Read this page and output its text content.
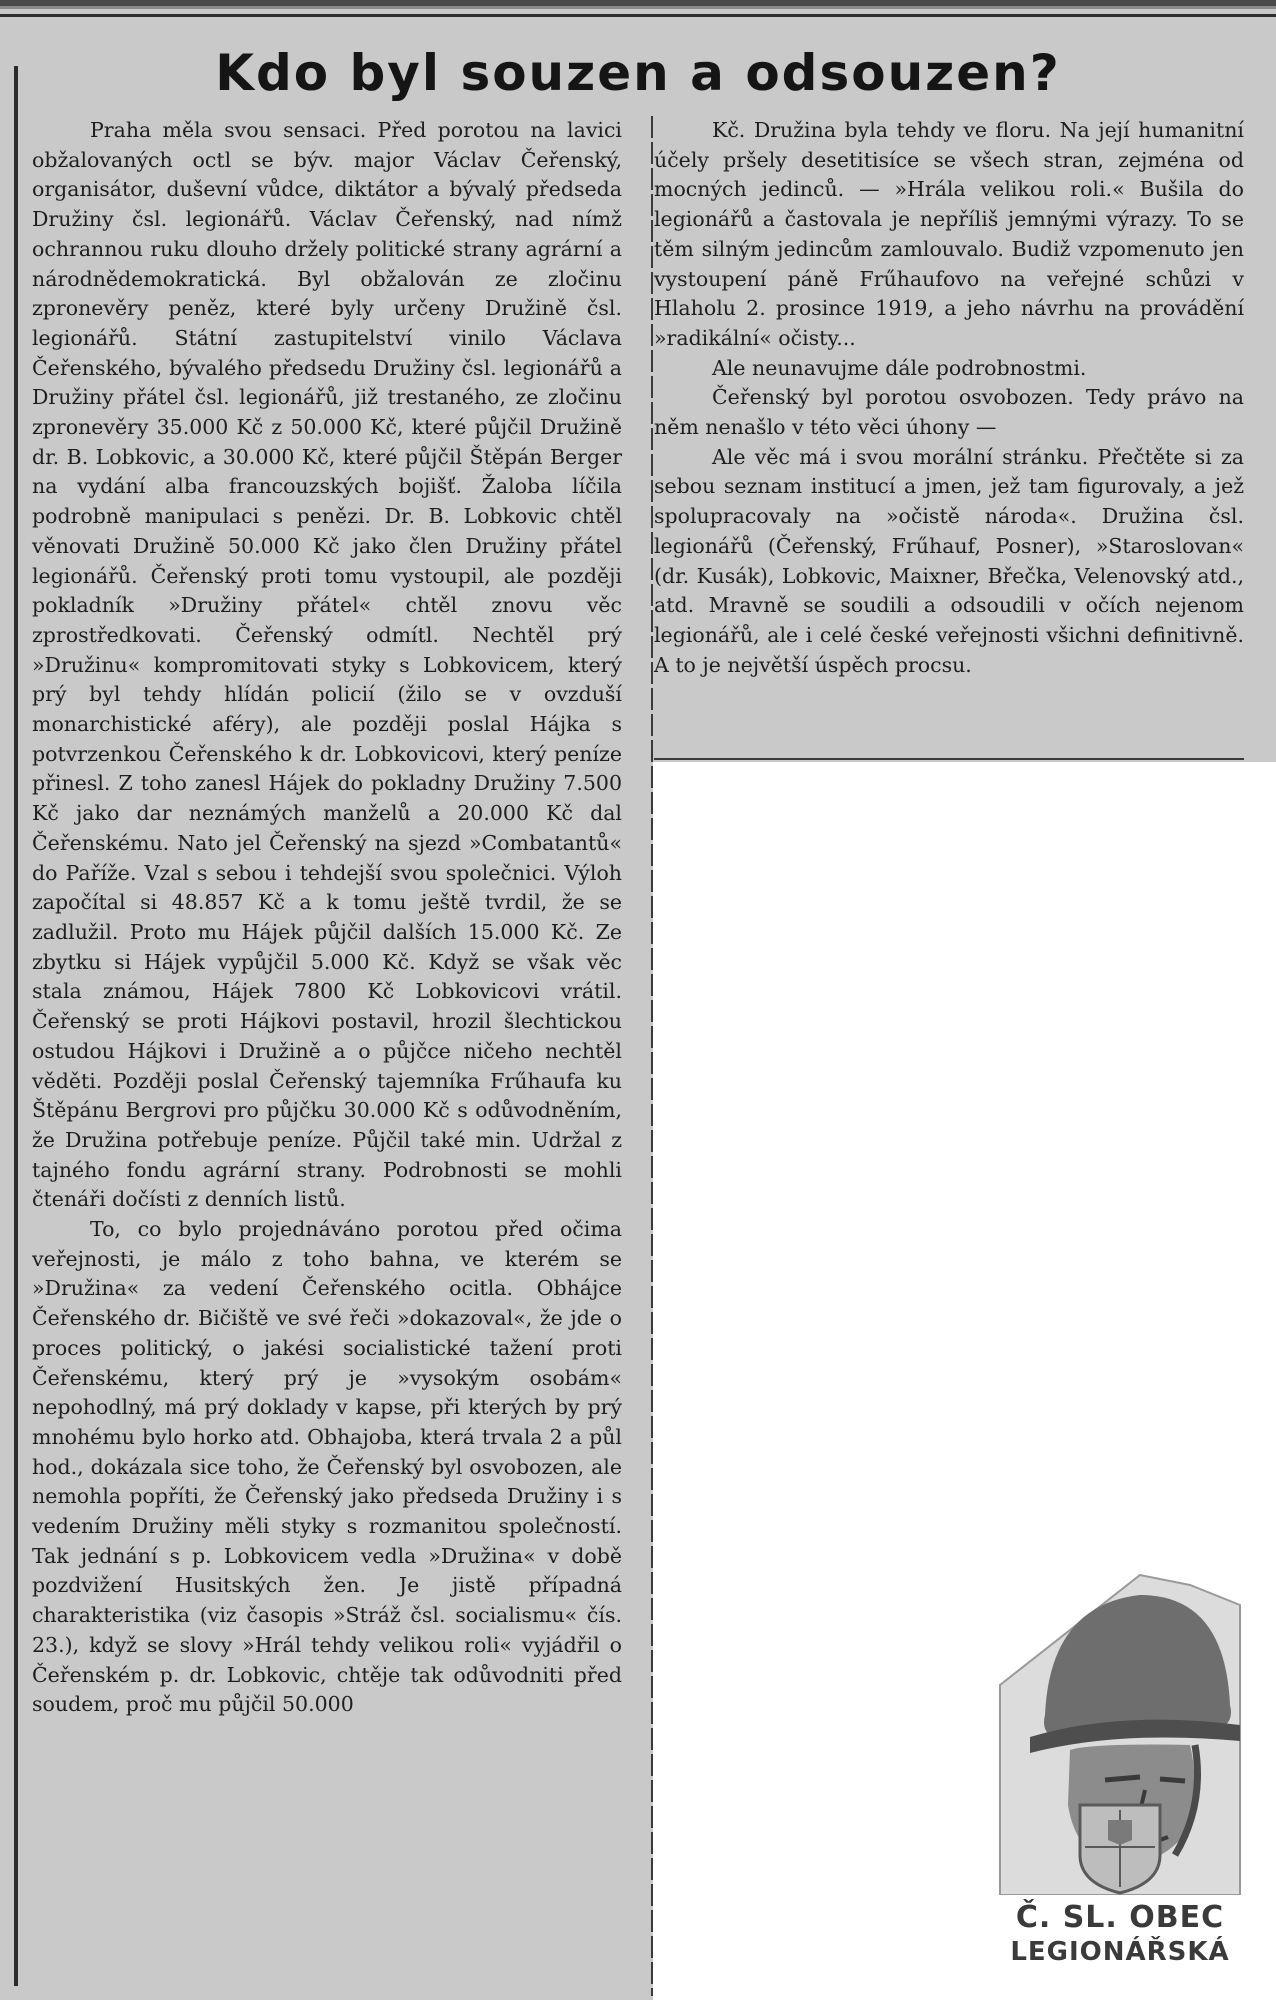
Kdo byl souzen a odsouzen?

Praha měla svou sensaci. Před porotou na lavici obžalovaných octl se býv. major Václav Čeřenský, organisátor, duševní vůdce, diktátor a bývalý předseda Družiny čsl. legionářů. Václav Čeřenský, nad nímž ochrannou ruku dlouho držely politické strany agrární a národnědemokratická. Byl obžalován ze zločinu zpronevěry peněz, které byly určeny Družině čsl. legionářů. Státní zastupitelství vinilo Václava Čeřenského, bývalého předsedu Družiny čsl. legionářů a Družiny přátel čsl. legionářů, již trestaného, ze zločinu zpronevěry 35.000 Kč z 50.000 Kč, které půjčil Družině dr. B. Lobkovic, a 30.000 Kč, které půjčil Štěpán Berger na vydání alba francouzských bojišť. Žaloba líčila podrobně manipulaci s penězi. Dr. B. Lobkovic chtěl věnovati Družině 50.000 Kč jako člen Družiny přátel legionářů. Čeřenský proti tomu vystoupil, ale později pokladník »Družiny přátel« chtěl znovu věc zprostředkovati. Čeřenský odmítl. Nechtěl prý »Družinu« kompromitovati styky s Lobkovicem, který prý byl tehdy hlídán policií (žilo se v ovzduší monarchistické aféry), ale později poslal Hájka s potvrzenkou Čeřenského k dr. Lobkovicovi, který peníze přinesl. Z toho zanesl Hájek do pokladny Družiny 7.500 Kč jako dar neznámých manželů a 20.000 Kč dal Čeřenskému. Nato jel Čeřenský na sjezd »Combatantů« do Paříže. Vzal s sebou i tehdejší svou společnici. Výloh započítal si 48.857 Kč a k tomu ještě tvrdil, že se zadlužil. Proto mu Hájek půjčil dalších 15.000 Kč. Ze zbytku si Hájek vypůjčil 5.000 Kč. Když se však věc stala známou, Hájek 7800 Kč Lobkovicovi vrátil. Čeřenský se proti Hájkovi postavil, hrozil šlechtickou ostudou Hájkovi i Družině a o půjčce ničeho nechtěl věděti. Později poslal Čeřenský tajemníka Frűhaufa ku Štěpánu Bergrovi pro půjčku 30.000 Kč s odůvodněním, že Družina potřebuje peníze. Půjčil také min. Udržal z tajného fondu agrární strany. Podrobnosti se mohli čtenáři dočísti z denních listů.

To, co bylo projednáváno porotou před očima veřejnosti, je málo z toho bahna, ve kterém se »Družina« za vedení Čeřenského ocitla. Obhájce Čeřenského dr. Bičiště ve své řeči »dokazoval«, že jde o proces politický, o jakési socialistické tažení proti Čeřenskému, který prý je »vysokým osobám« nepohodlný, má prý doklady v kapse, při kterých by prý mnohému bylo horko atd. Obhajoba, která trvala 2 a půl hod., dokázala sice toho, že Čeřenský byl osvobozen, ale nemohla popříti, že Čeřenský jako předseda Družiny i s vedením Družiny měli styky s rozmanitou společností. Tak jednání s p. Lobkovicem vedla »Družina« v době pozdvižení Husitských žen. Je jistě případná charakteristika (viz časopis »Stráž čsl. socialismu« čís. 23.), když se slovy »Hrál tehdy velikou roli« vyjádřil o Čeřenském p. dr. Lobkovic, chtěje tak odůvodniti před soudem, proč mu půjčil 50.000

Kč. Družina byla tehdy ve floru. Na její humanitní účely pršely desetitisíce se všech stran, zejména od mocných jedinců. — »Hrála velikou roli.« Bušila do legionářů a častovala je nepříliš jemnými výrazy. To se těm silným jedincům zamlouvalo. Budiž vzpomenuto jen vystoupení páně Frűhaufovo na veřejné schůzi v Hlaholu 2. prosince 1919, a jeho návrhu na provádění »radikální« očisty...

Ale neunavujme dále podrobnostmi.

Čeřenský byl porotou osvobozen. Tedy právo na něm nenašlo v této věci úhony —

Ale věc má i svou morální stránku. Přečtěte si za sebou seznam institucí a jmen, jež tam figurovaly, a jež spolupracovaly na »očistě národa«. Družina čsl. legionářů (Čeřenský, Frűhauf, Posner), »Staroslovan« (dr. Kusák), Lobkovic, Maixner, Břečka, Velenovský atd., atd. Mravně se soudili a odsoudili v očích nejenom legionářů, ale i celé české veřejnosti všichni definitivně. A to je největší úspěch procsu.

Č. SL. OBEC
LEGIONÁŘSKÁ
